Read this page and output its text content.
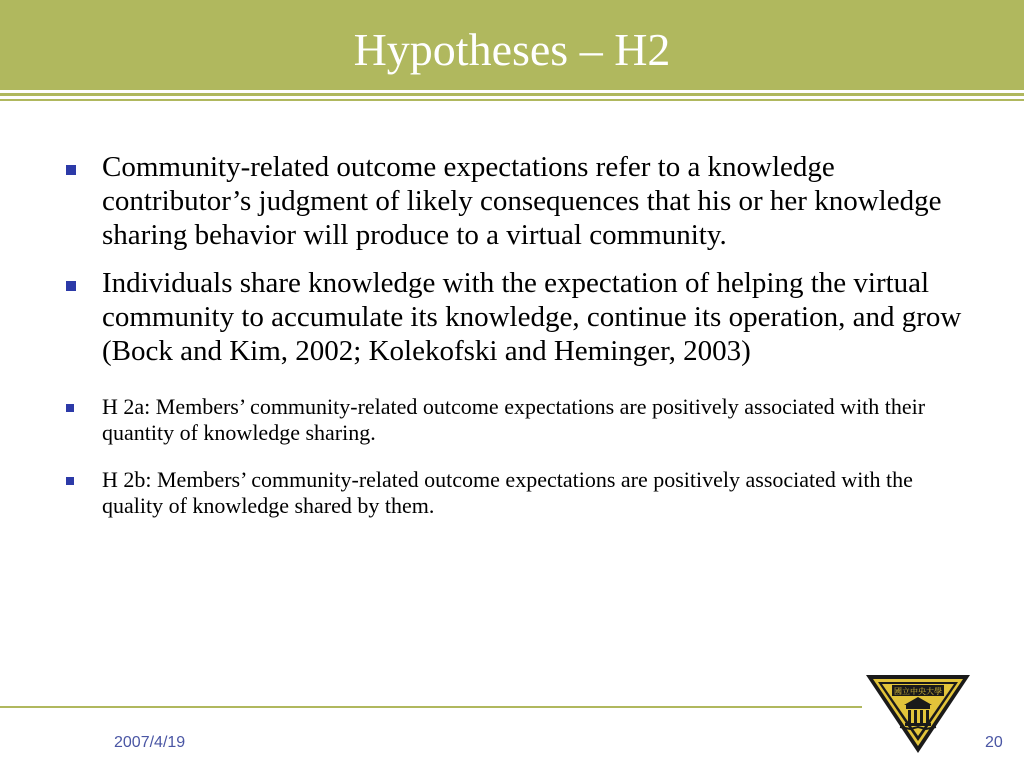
Hypotheses – H2
Community-related outcome expectations refer to a knowledge contributor’s judgment of likely consequences that his or her knowledge sharing behavior will produce to a virtual community.
Individuals share knowledge with the expectation of helping the virtual community to accumulate its knowledge, continue its operation, and grow (Bock and Kim, 2002; Kolekofski and Heminger, 2003)
H 2a: Members’ community-related outcome expectations are positively associated with their quantity of knowledge sharing.
H 2b: Members’ community-related outcome expectations are positively associated with the quality of knowledge shared by them.
2007/4/19	20
國立中央大學
